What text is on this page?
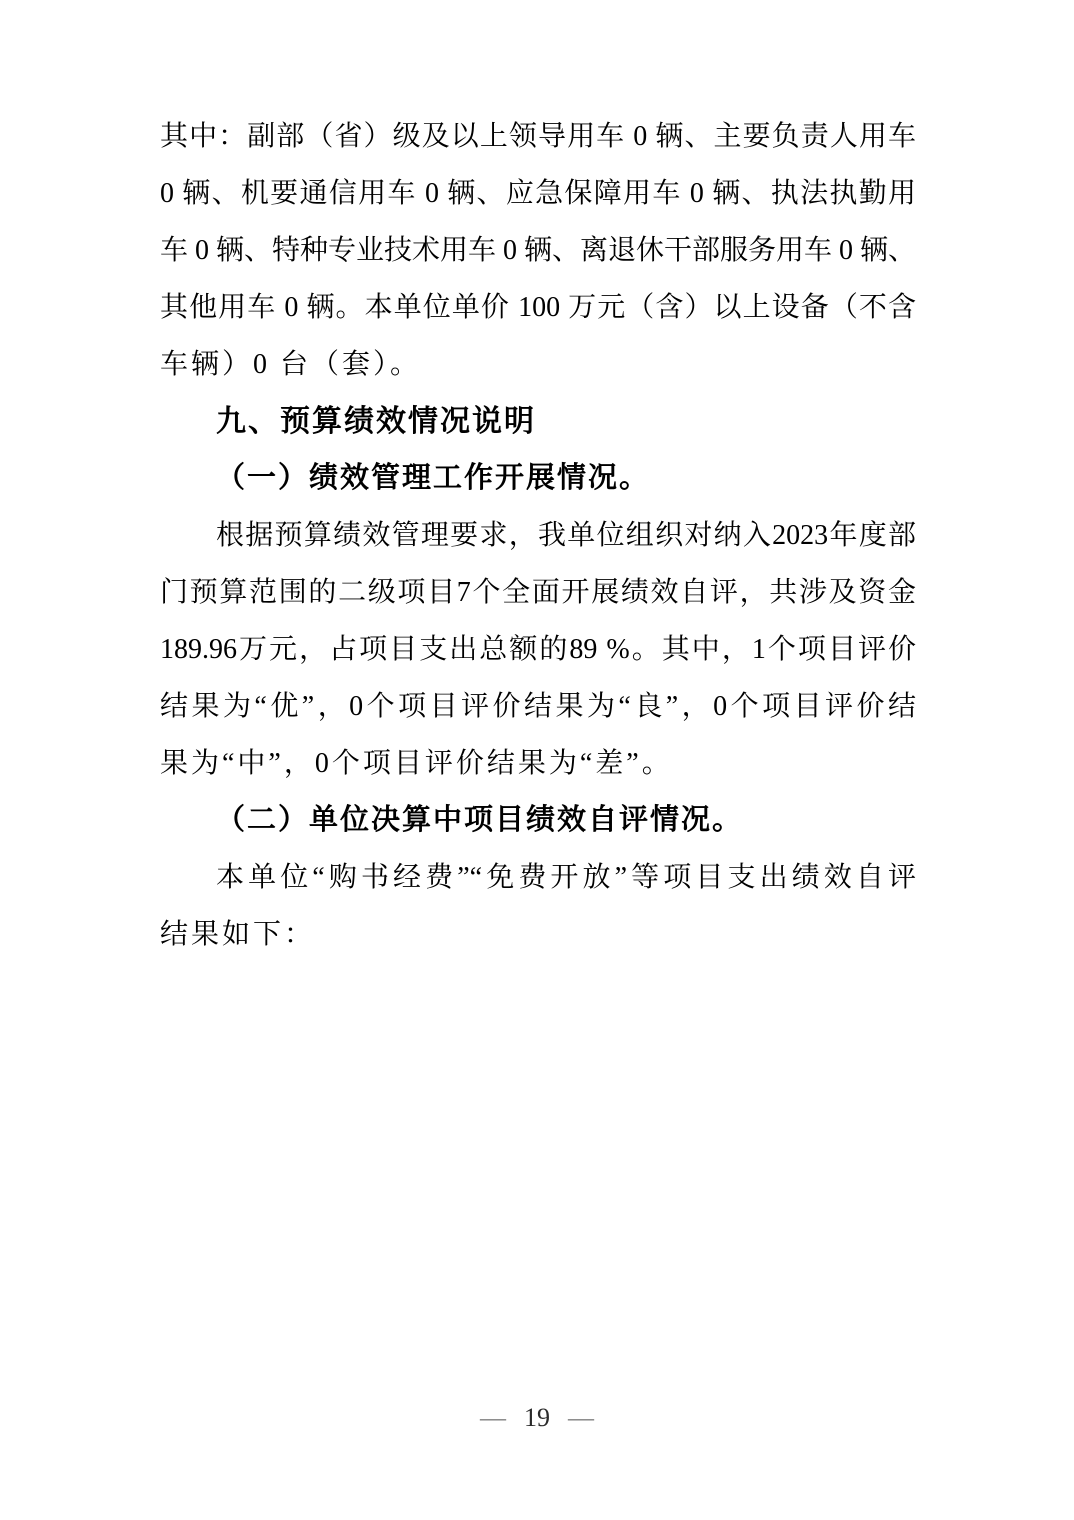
其中：副部（省）级及以上领导用车 0 辆、主要负责人用车
0 辆、机要通信用车 0 辆、应急保障用车 0 辆、执法执勤用
车 0 辆、特种专业技术用车 0 辆、离退休干部服务用车 0 辆、
其他用车 0 辆。本单位单价 100 万元（含）以上设备（不含
车辆）0 台（套）。
九、预算绩效情况说明
（一）绩效管理工作开展情况。
根据预算绩效管理要求，我单位组织对纳入2023年度部
门预算范围的二级项目7个全面开展绩效自评，共涉及资金
189.96万元，占项目支出总额的89 %。其中，1个项目评价
结果为“优”，0个项目评价结果为“良”，0个项目评价结
果为“中”，0个项目评价结果为“差”。
（二）单位决算中项目绩效自评情况。
本单位“购书经费”“免费开放”等项目支出绩效自评
结果如下：
— 19 —
